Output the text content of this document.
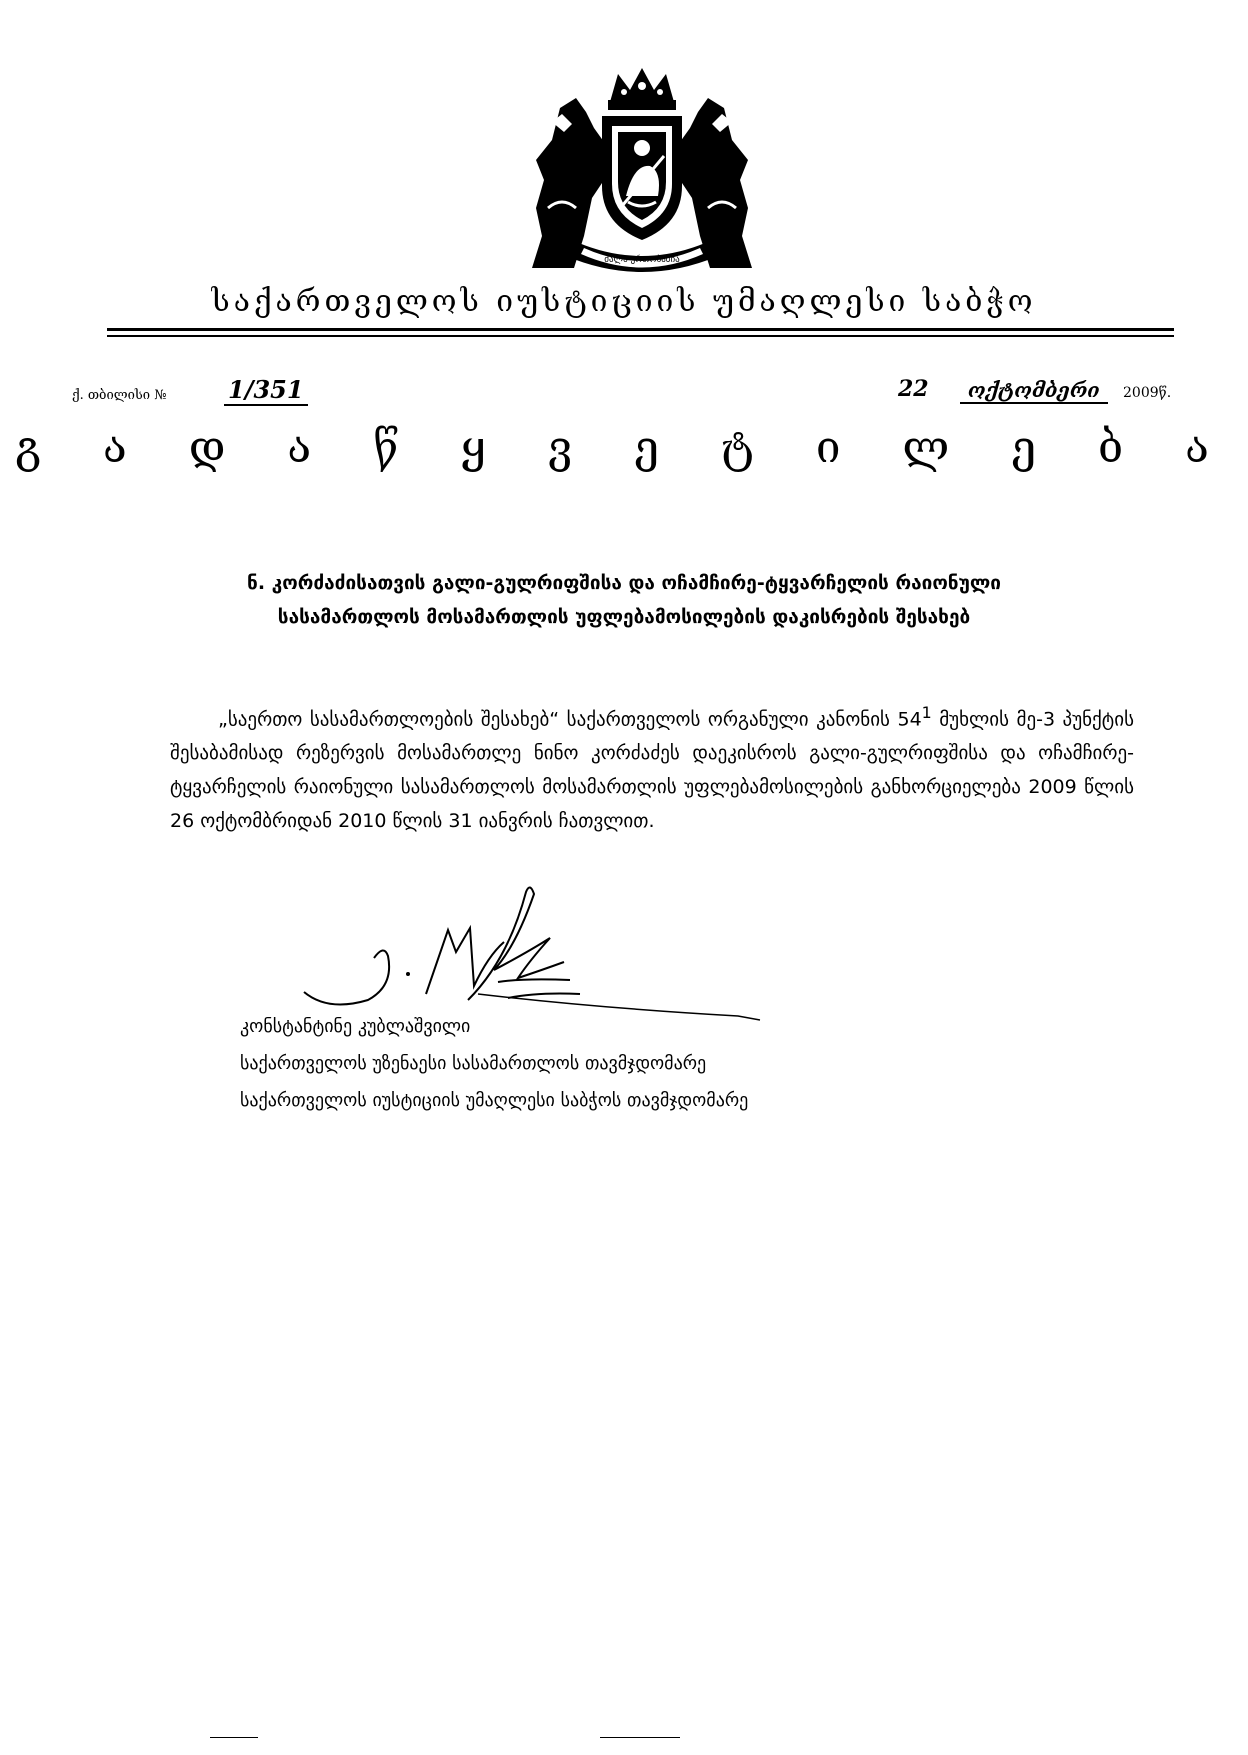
ძალა ერთობაშია
საქართველოს იუსტიციის უმაღლესი საბჭო
ქ. თბილისი №	1/351	22	ოქტომბერი	2009წ.
გ ა დ ა წ ყ ვ ე ტ ი ლ ე ბ ა
ნ. კორძაძისათვის გალი-გულრიფშისა და ოჩამჩირე-ტყვარჩელის რაიონული
სასამართლოს მოსამართლის უფლებამოსილების დაკისრების შესახებ
„საერთო სასამართლოების შესახებ“ საქართველოს ორგანული კანონის $54^1$ მუხლის მე-3 პუნქტის შესაბამისად რეზერვის მოსამართლე ნინო კორძაძეს დაეკისროს გალი-გულრიფშისა და ოჩამჩირე-ტყვარჩელის რაიონული სასამართლოს მოსამართლის უფლებამოსილების განხორციელება 2009 წლის 26 ოქტომბრიდან 2010 წლის 31 იანვრის ჩათვლით.
კონსტანტინე კუბლაშვილი
საქართველოს უზენაესი სასამართლოს თავმჯდომარე
საქართველოს იუსტიციის უმაღლესი საბჭოს თავმჯდომარე
